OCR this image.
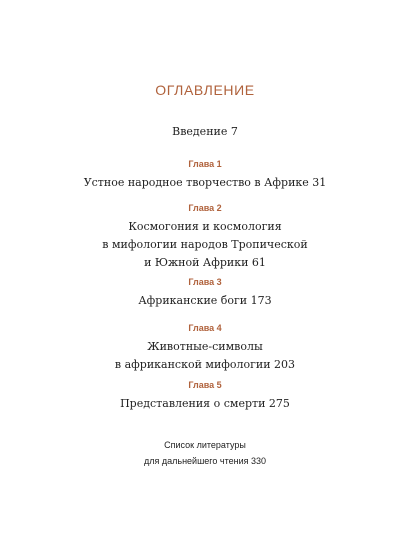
ОГЛАВЛЕНИЕ
Введение 7
Глава 1
Устное народное творчество в Африке 31
Глава 2
Космогония и космология
в мифологии народов Тропической
и Южной Африки 61
Глава 3
Африканские боги 173
Глава 4
Животные-символы
в африканской мифологии 203
Глава 5
Представления о смерти 275
Список литературы
для дальнейшего чтения 330
